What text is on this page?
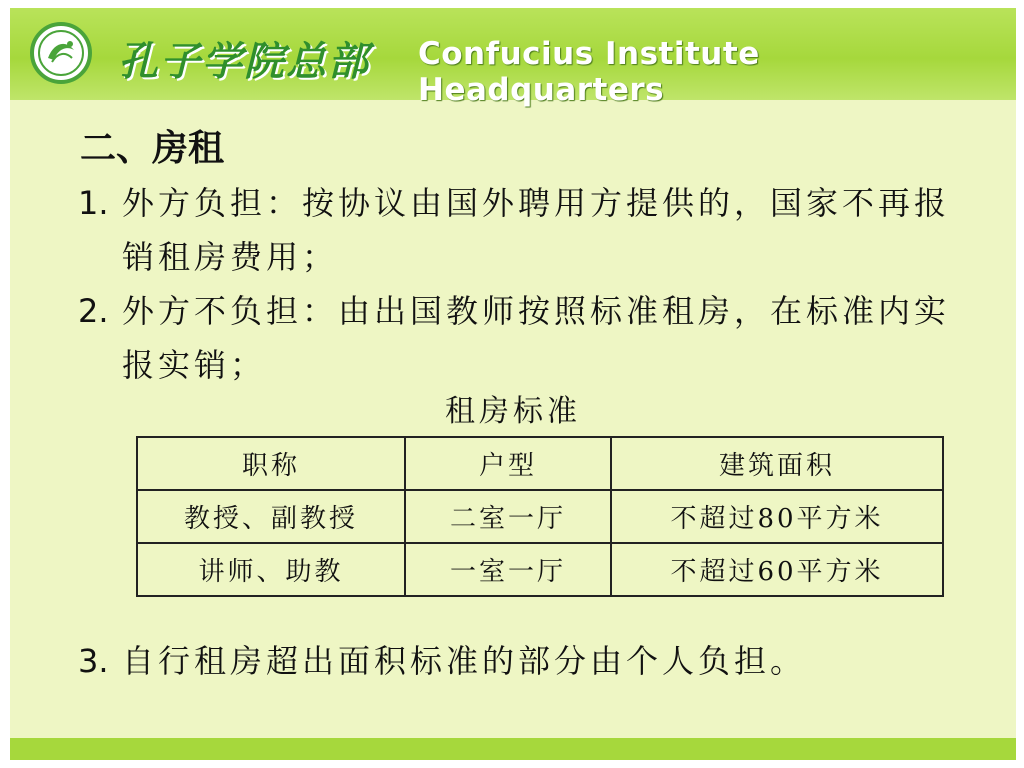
孔子学院总部 Confucius Institute Headquarters
二、房租
1. 外方负担：按协议由国外聘用方提供的，国家不再报销租房费用；
2. 外方不负担：由出国教师按照标准租房，在标准内实报实销；
租房标准
职称	户型	建筑面积
教授、副教授	二室一厅	不超过80平方米
讲师、助教	一室一厅	不超过60平方米
3. 自行租房超出面积标准的部分由个人负担。
